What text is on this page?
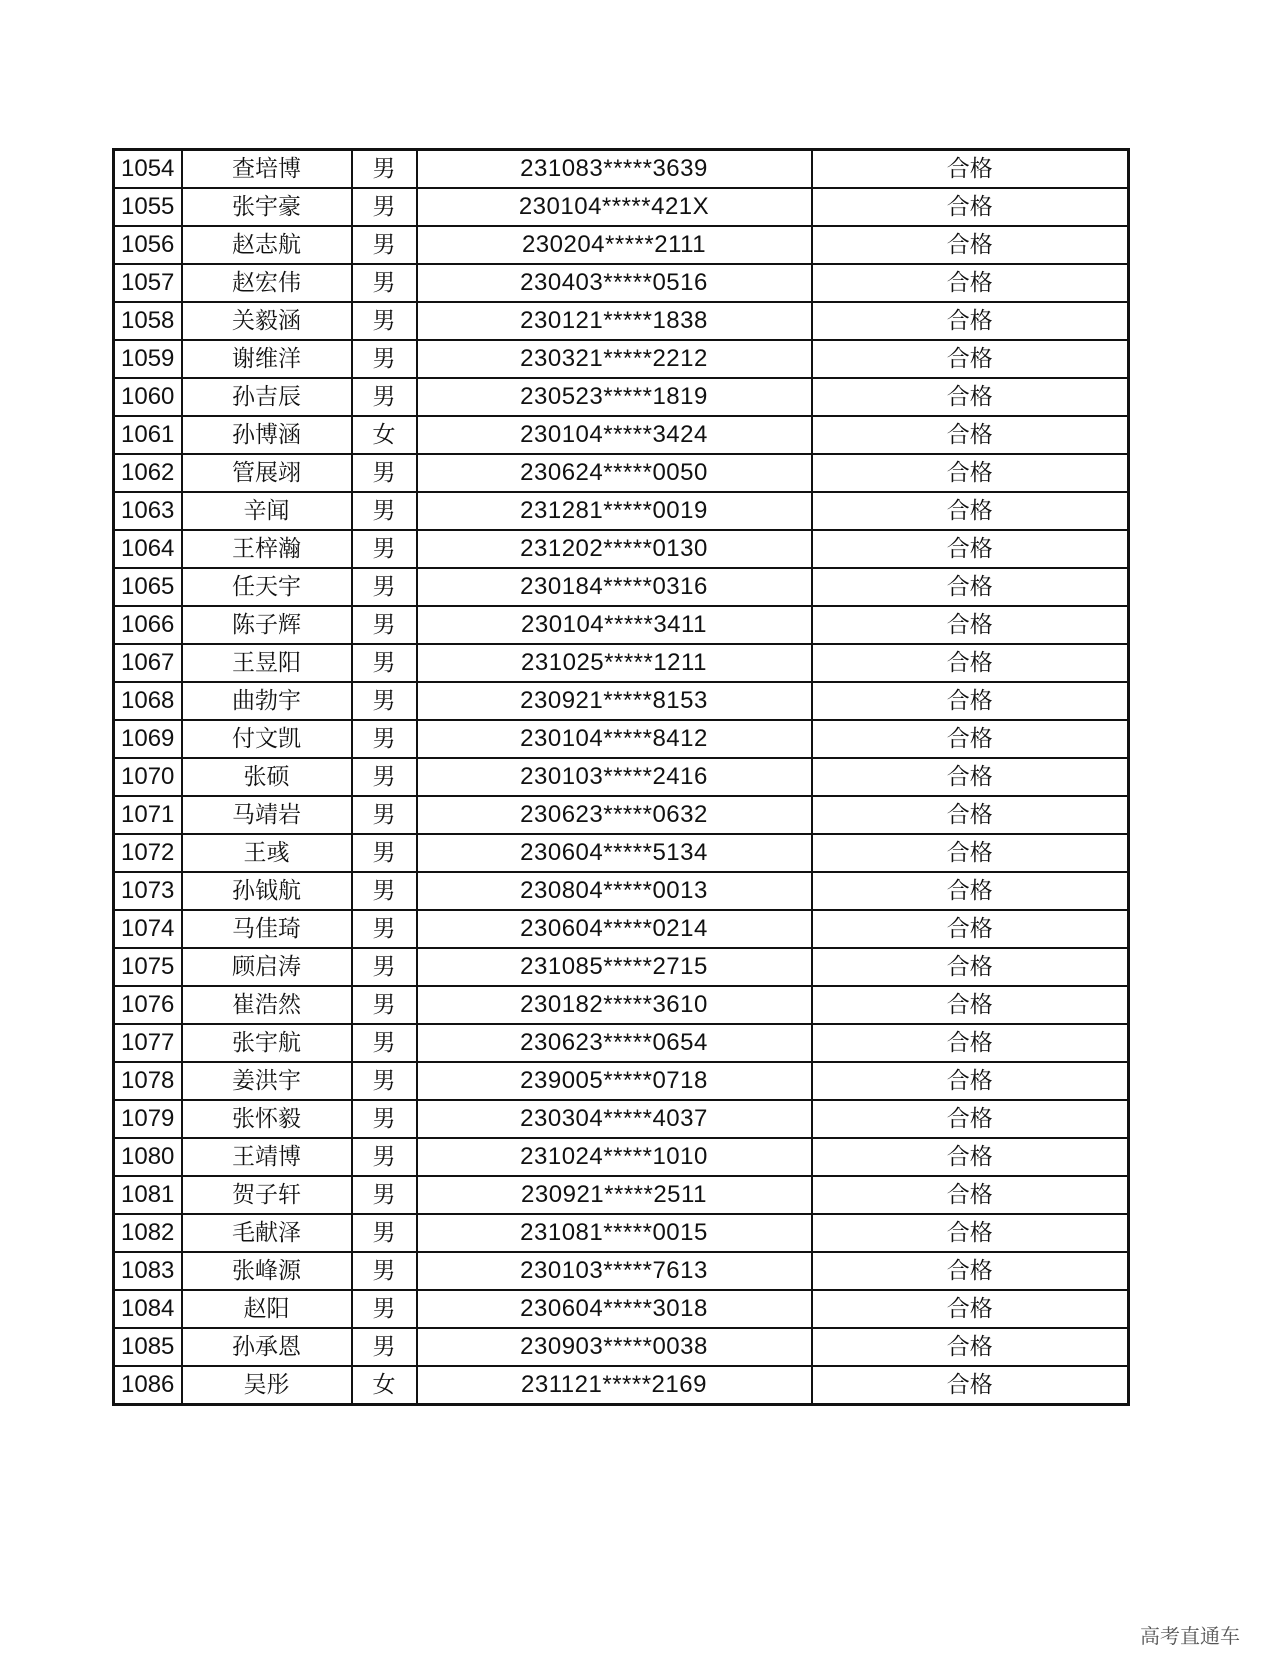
1054	查培博	男	231083*****3639	合格
1055	张宇豪	男	230104*****421X	合格
1056	赵志航	男	230204*****2111	合格
1057	赵宏伟	男	230403*****0516	合格
1058	关毅涵	男	230121*****1838	合格
1059	谢维洋	男	230321*****2212	合格
1060	孙吉辰	男	230523*****1819	合格
1061	孙博涵	女	230104*****3424	合格
1062	管展翊	男	230624*****0050	合格
1063	辛闻	男	231281*****0019	合格
1064	王梓瀚	男	231202*****0130	合格
1065	任天宇	男	230184*****0316	合格
1066	陈子辉	男	230104*****3411	合格
1067	王昱阳	男	231025*****1211	合格
1068	曲勃宇	男	230921*****8153	合格
1069	付文凯	男	230104*****8412	合格
1070	张硕	男	230103*****2416	合格
1071	马靖岩	男	230623*****0632	合格
1072	王彧	男	230604*****5134	合格
1073	孙钺航	男	230804*****0013	合格
1074	马佳琦	男	230604*****0214	合格
1075	顾启涛	男	231085*****2715	合格
1076	崔浩然	男	230182*****3610	合格
1077	张宇航	男	230623*****0654	合格
1078	姜洪宇	男	239005*****0718	合格
1079	张怀毅	男	230304*****4037	合格
1080	王靖博	男	231024*****1010	合格
1081	贺子轩	男	230921*****2511	合格
1082	毛献泽	男	231081*****0015	合格
1083	张峰源	男	230103*****7613	合格
1084	赵阳	男	230604*****3018	合格
1085	孙承恩	男	230903*****0038	合格
1086	吴彤	女	231121*****2169	合格
高考直通车
